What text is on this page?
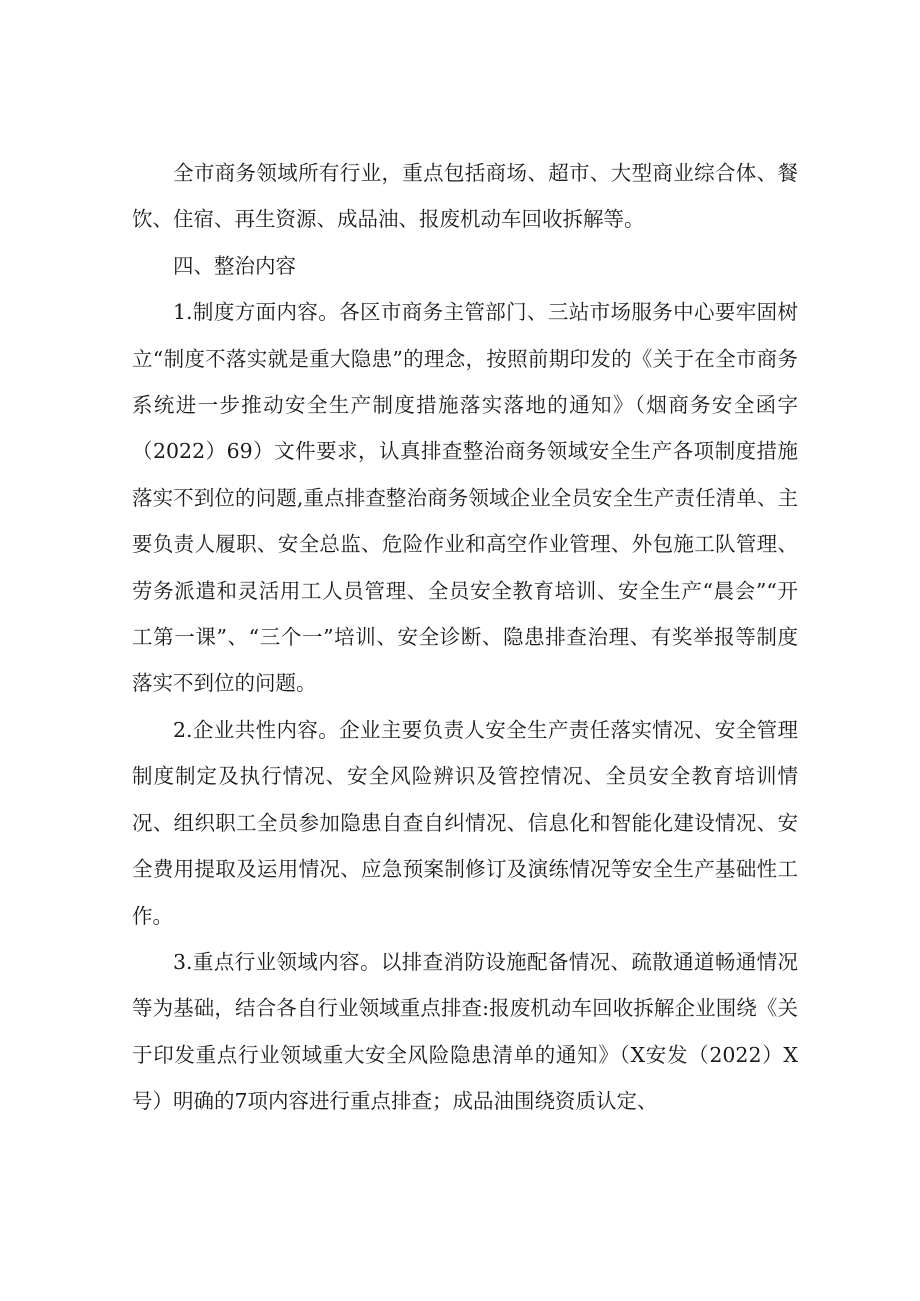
全市商务领域所有行业，重点包括商场、超市、大型商业综合体、餐饮、住宿、再生资源、成品油、报废机动车回收拆解等。

四、整治内容

1.制度方面内容。各区市商务主管部门、三站市场服务中心要牢固树立“制度不落实就是重大隐患”的理念，按照前期印发的《关于在全市商务系统进一步推动安全生产制度措施落实落地的通知》（烟商务安全函字（2022）69）文件要求，认真排查整治商务领域安全生产各项制度措施落实不到位的问题,重点排查整治商务领域企业全员安全生产责任清单、主要负责人履职、安全总监、危险作业和高空作业管理、外包施工队管理、劳务派遣和灵活用工人员管理、全员安全教育培训、安全生产“晨会”“开工第一课”、“三个一”培训、安全诊断、隐患排查治理、有奖举报等制度落实不到位的问题。

2.企业共性内容。企业主要负责人安全生产责任落实情况、安全管理制度制定及执行情况、安全风险辨识及管控情况、全员安全教育培训情况、组织职工全员参加隐患自查自纠情况、信息化和智能化建设情况、安全费用提取及运用情况、应急预案制修订及演练情况等安全生产基础性工作。

3.重点行业领域内容。以排查消防设施配备情况、疏散通道畅通情况等为基础，结合各自行业领域重点排查:报废机动车回收拆解企业围绕《关于印发重点行业领域重大安全风险隐患清单的通知》（X安发（2022）X号）明确的7项内容进行重点排查；成品油围绕资质认定、
